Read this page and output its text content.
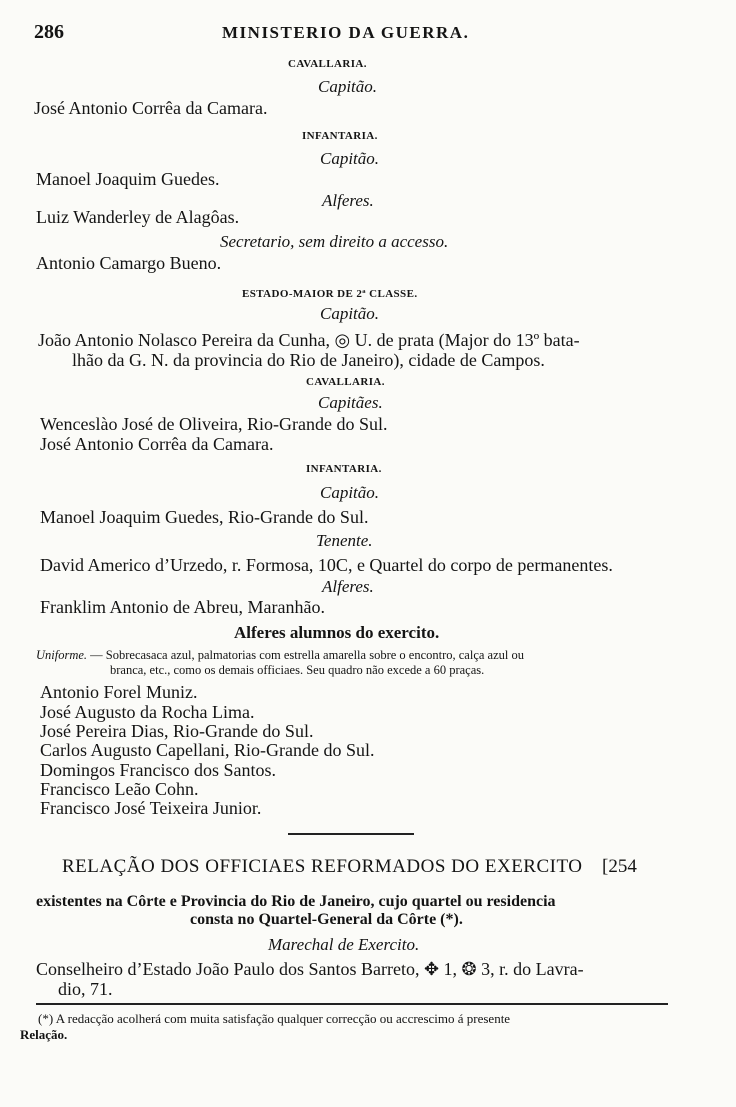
286	MINISTERIO DA GUERRA.
CAVALLARIA.
Capitão.
José Antonio Corrêa da Camara.
INFANTARIA.
Capitão.
Manoel Joaquim Guedes.
Alferes.
Luiz Wanderley de Alagôas.
Secretario, sem direito a accesso.
Antonio Camargo Bueno.
ESTADO-MAIOR DE 2ª CLASSE.
Capitão.
João Antonio Nolasco Pereira da Cunha, ◎ U. de prata (Major do 13º bata-
lhão da G. N. da provincia do Rio de Janeiro), cidade de Campos.
CAVALLARIA.
Capitães.
Wenceslào José de Oliveira, Rio-Grande do Sul.
José Antonio Corrêa da Camara.
INFANTARIA.
Capitão.
Manoel Joaquim Guedes, Rio-Grande do Sul.
Tenente.
David Americo d’Urzedo, r. Formosa, 10C, e Quartel do corpo de permanentes.
Alferes.
Franklim Antonio de Abreu, Maranhão.
Alferes alumnos do exercito.
Uniforme. — Sobrecasaca azul, palmatorias com estrella amarella sobre o encontro, calça azul ou
branca, etc., como os demais officiaes. Seu quadro não excede a 60 praças.
Antonio Forel Muniz.
José Augusto da Rocha Lima.
José Pereira Dias, Rio-Grande do Sul.
Carlos Augusto Capellani, Rio-Grande do Sul.
Domingos Francisco dos Santos.
Francisco Leão Cohn.
Francisco José Teixeira Junior.
RELAÇÃO DOS OFFICIAES REFORMADOS DO EXERCITO [254
existentes na Côrte e Provincia do Rio de Janeiro, cujo quartel ou residencia
consta no Quartel-General da Côrte (*).
Marechal de Exercito.
Conselheiro d’Estado João Paulo dos Santos Barreto, ✥ 1, ❂ 3, r. do Lavra-
dio, 71.
(*) A redacção acolherá com muita satisfação qualquer correcção ou accrescimo á presente
Relação.
